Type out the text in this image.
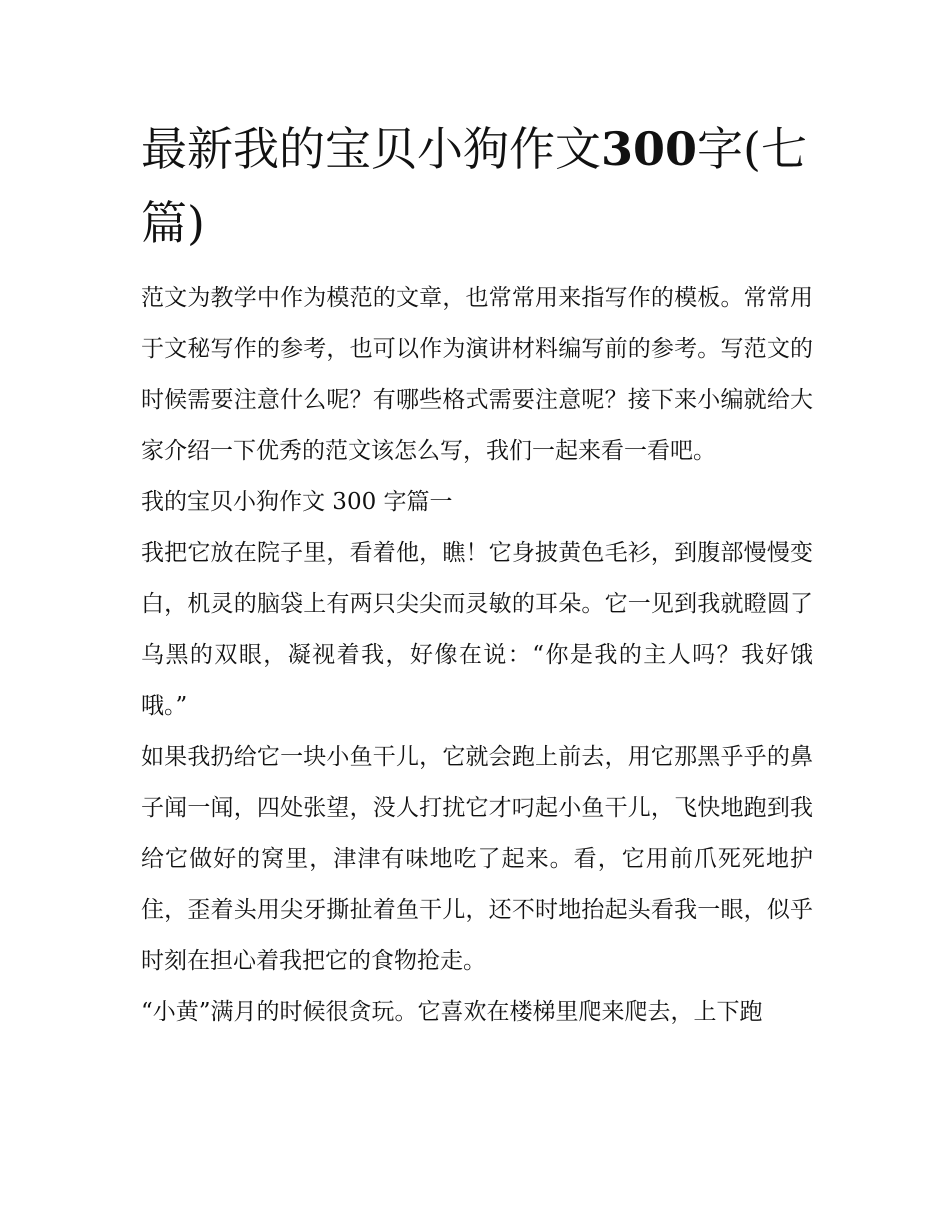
最新我的宝贝小狗作文300字(七篇)

范文为教学中作为模范的文章，也常常用来指写作的模板。常常用于文秘写作的参考，也可以作为演讲材料编写前的参考。写范文的时候需要注意什么呢？有哪些格式需要注意呢？接下来小编就给大家介绍一下优秀的范文该怎么写，我们一起来看一看吧。

我的宝贝小狗作文 300 字篇一

我把它放在院子里，看着他，瞧！它身披黄色毛衫，到腹部慢慢变白，机灵的脑袋上有两只尖尖而灵敏的耳朵。它一见到我就瞪圆了乌黑的双眼，凝视着我，好像在说：“你是我的主人吗？我好饿哦。”

如果我扔给它一块小鱼干儿，它就会跑上前去，用它那黑乎乎的鼻子闻一闻，四处张望，没人打扰它才叼起小鱼干儿，飞快地跑到我给它做好的窝里，津津有味地吃了起来。看，它用前爪死死地护住，歪着头用尖牙撕扯着鱼干儿，还不时地抬起头看我一眼，似乎时刻在担心着我把它的食物抢走。

“小黄”满月的时候很贪玩。它喜欢在楼梯里爬来爬去，上下跑
